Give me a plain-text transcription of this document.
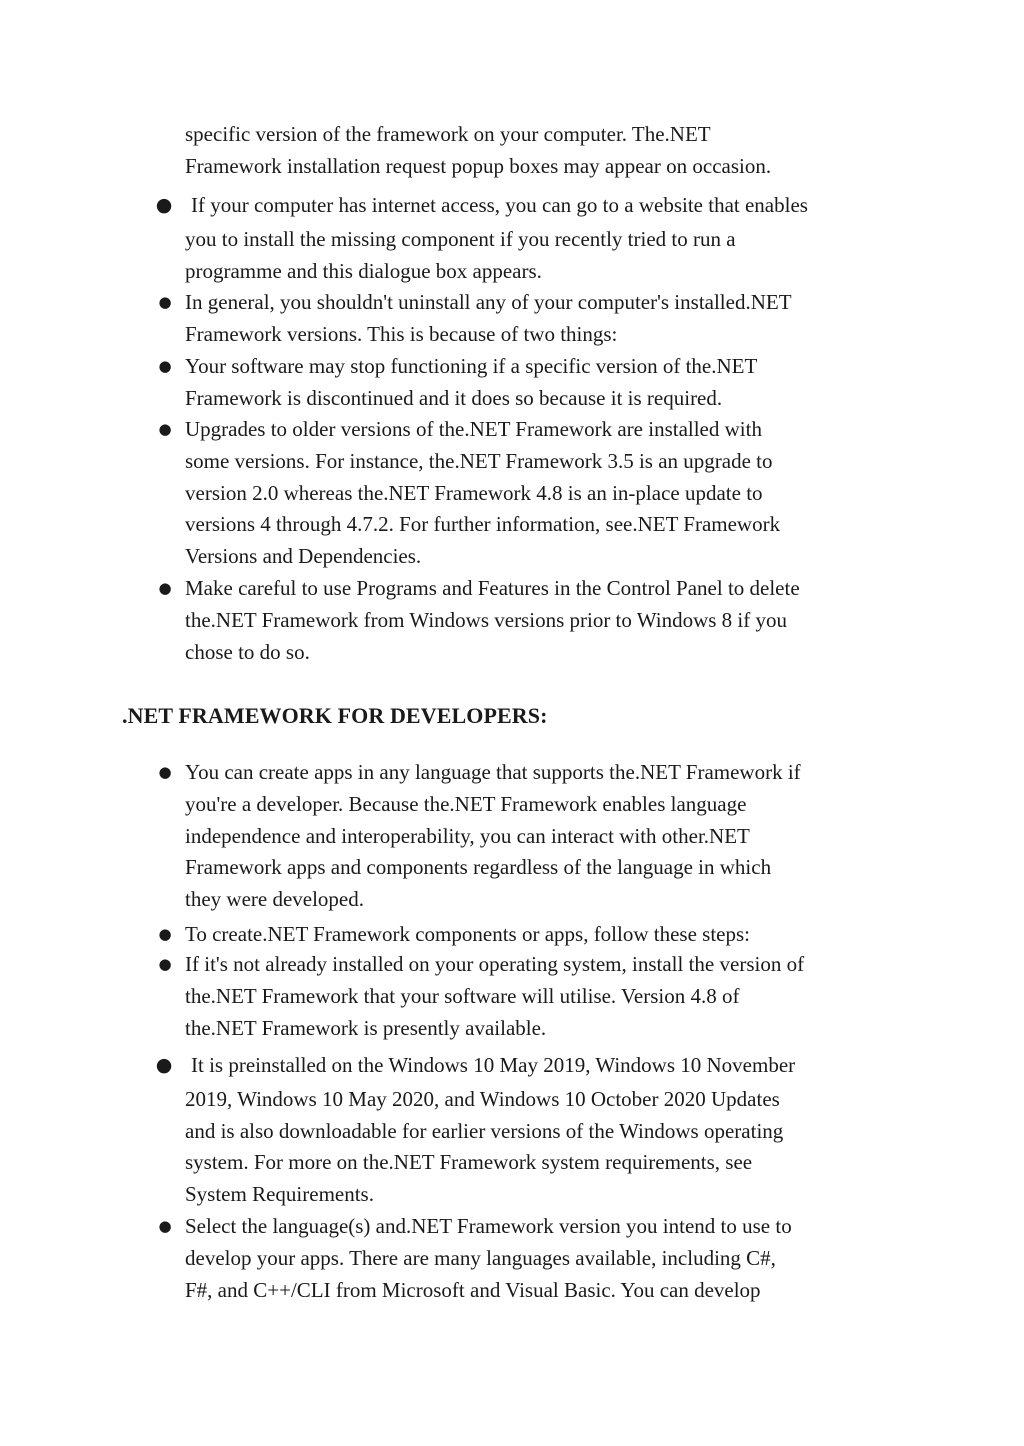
specific version of the framework on your computer. The.NET
Framework installation request popup boxes may appear on occasion.
● If your computer has internet access, you can go to a website that enables
you to install the missing component if you recently tried to run a
programme and this dialogue box appears.
● In general, you shouldn't uninstall any of your computer's installed.NET
Framework versions. This is because of two things:
● Your software may stop functioning if a specific version of the.NET
Framework is discontinued and it does so because it is required.
● Upgrades to older versions of the.NET Framework are installed with
some versions. For instance, the.NET Framework 3.5 is an upgrade to
version 2.0 whereas the.NET Framework 4.8 is an in-place update to
versions 4 through 4.7.2. For further information, see.NET Framework
Versions and Dependencies.
● Make careful to use Programs and Features in the Control Panel to delete
the.NET Framework from Windows versions prior to Windows 8 if you
chose to do so.
.NET FRAMEWORK FOR DEVELOPERS:
● You can create apps in any language that supports the.NET Framework if
you're a developer. Because the.NET Framework enables language
independence and interoperability, you can interact with other.NET
Framework apps and components regardless of the language in which
they were developed.
● To create.NET Framework components or apps, follow these steps:
● If it's not already installed on your operating system, install the version of
the.NET Framework that your software will utilise. Version 4.8 of
the.NET Framework is presently available.
● It is preinstalled on the Windows 10 May 2019, Windows 10 November
2019, Windows 10 May 2020, and Windows 10 October 2020 Updates
and is also downloadable for earlier versions of the Windows operating
system. For more on the.NET Framework system requirements, see
System Requirements.
● Select the language(s) and.NET Framework version you intend to use to
develop your apps. There are many languages available, including C#,
F#, and C++/CLI from Microsoft and Visual Basic. You can develop
